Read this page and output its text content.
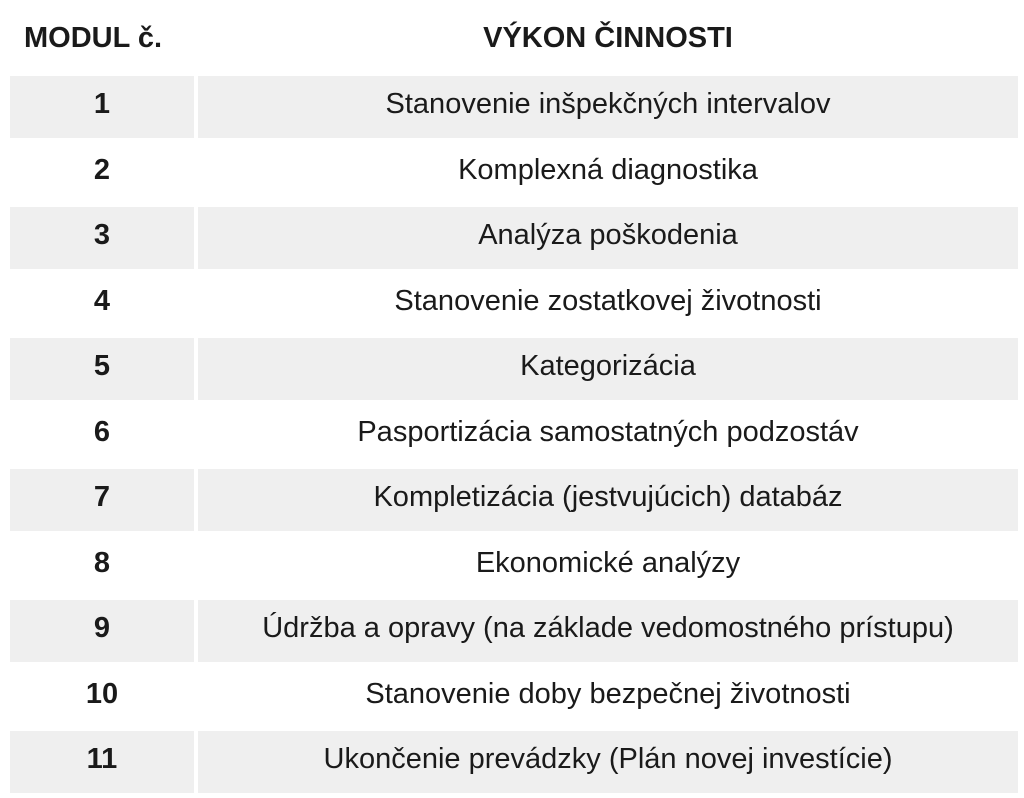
MODUL č.	VÝKON ČINNOSTI
1	Stanovenie inšpekčných intervalov
2	Komplexná diagnostika
3	Analýza poškodenia
4	Stanovenie zostatkovej životnosti
5	Kategorizácia
6	Pasportizácia samostatných podzostáv
7	Kompletizácia (jestvujúcich) databáz
8	Ekonomické analýzy
9	Údržba a opravy (na základe vedomostného prístupu)
10	Stanovenie doby bezpečnej životnosti
11	Ukončenie prevádzky (Plán novej investície)
